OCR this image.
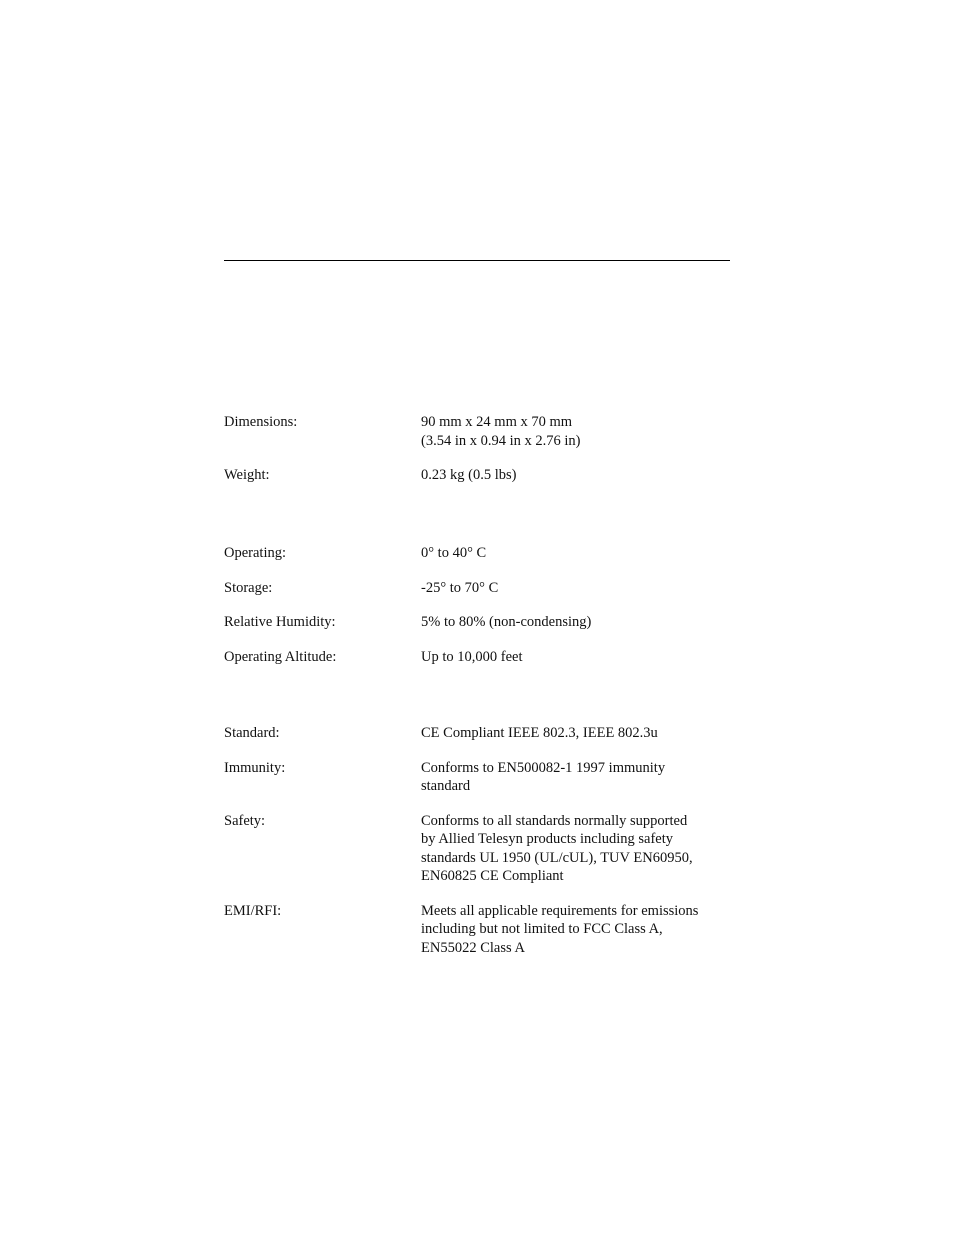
Dimensions:	90 mm x 24 mm x 70 mm
(3.54 in x 0.94 in x 2.76 in)
Weight:	0.23 kg (0.5 lbs)
Operating:	0° to 40° C
Storage:	-25° to 70° C
Relative Humidity:	5% to 80% (non-condensing)
Operating Altitude:	Up to 10,000 feet
Standard:	CE Compliant IEEE 802.3, IEEE 802.3u
Immunity:	Conforms to EN500082-1 1997 immunity
standard
Safety:	Conforms to all standards normally supported
by Allied Telesyn products including safety
standards UL 1950 (UL/cUL), TUV EN60950,
EN60825 CE Compliant
EMI/RFI:	Meets all applicable requirements for emissions
including but not limited to FCC Class A,
EN55022 Class A
